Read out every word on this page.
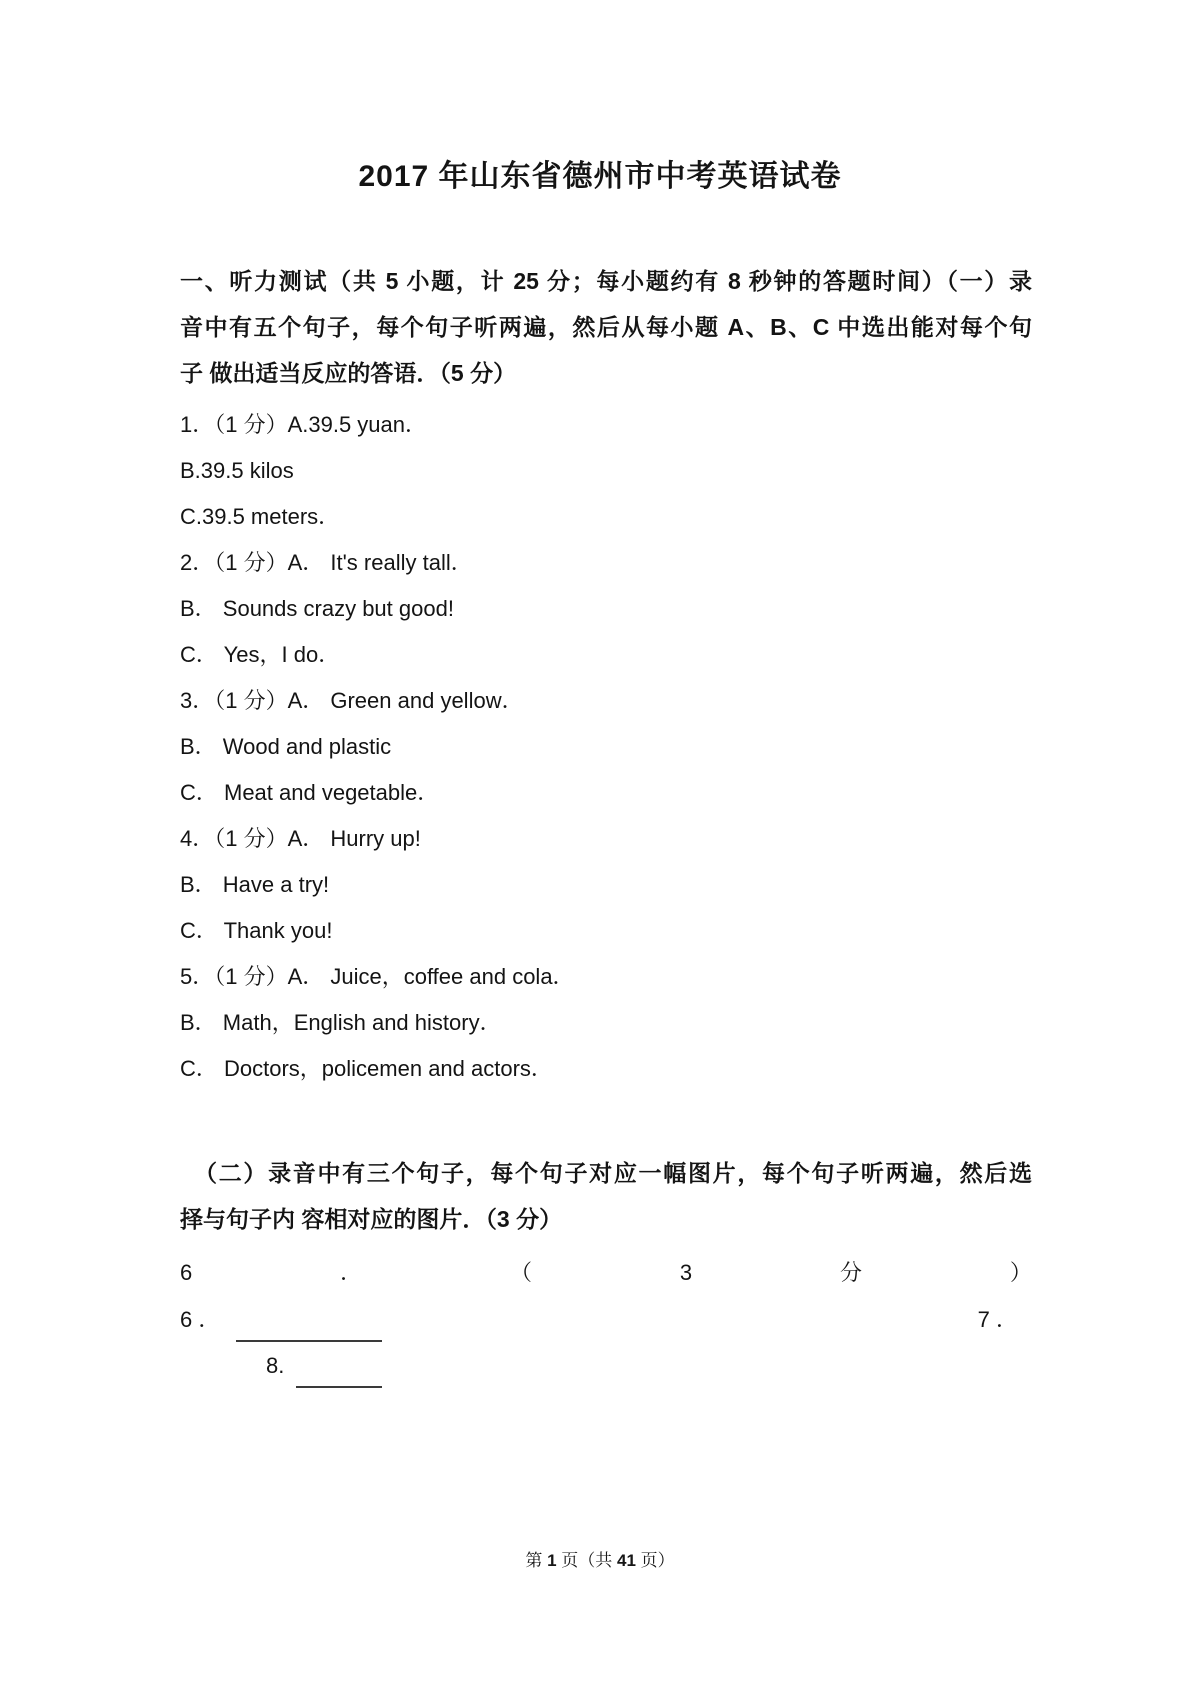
2017 年山东省德州市中考英语试卷
一、听力测试（共 5 小题，计 25 分；每小题约有 8 秒钟的答题时间）（一）录
音中有五个句子，每个句子听两遍，然后从每小题 A、B、C 中选出能对每个句
子 做出适当反应的答语．（5 分）
1．（1 分）A.39.5 yuan．
B.39.5 kilos
C.39.5 meters．
2．（1 分）A． It's really tall．
B． Sounds crazy but good!
C． Yes，I do．
3．（1 分）A． Green and yellow．
B． Wood and plastic
C． Meat and vegetable．
4．（1 分）A． Hurry up!
B． Have a try!
C． Thank you!
5．（1 分）A． Juice，coffee and cola．
B． Math，English and history．
C． Doctors，policemen and actors．
（二）录音中有三个句子，每个句子对应一幅图片，每个句子听两遍，然后选
择与句子内 容相对应的图片．（3 分）
6	．	（	3	分	）
6 ．	7 ．
8.
第 1 页（共 41 页）
